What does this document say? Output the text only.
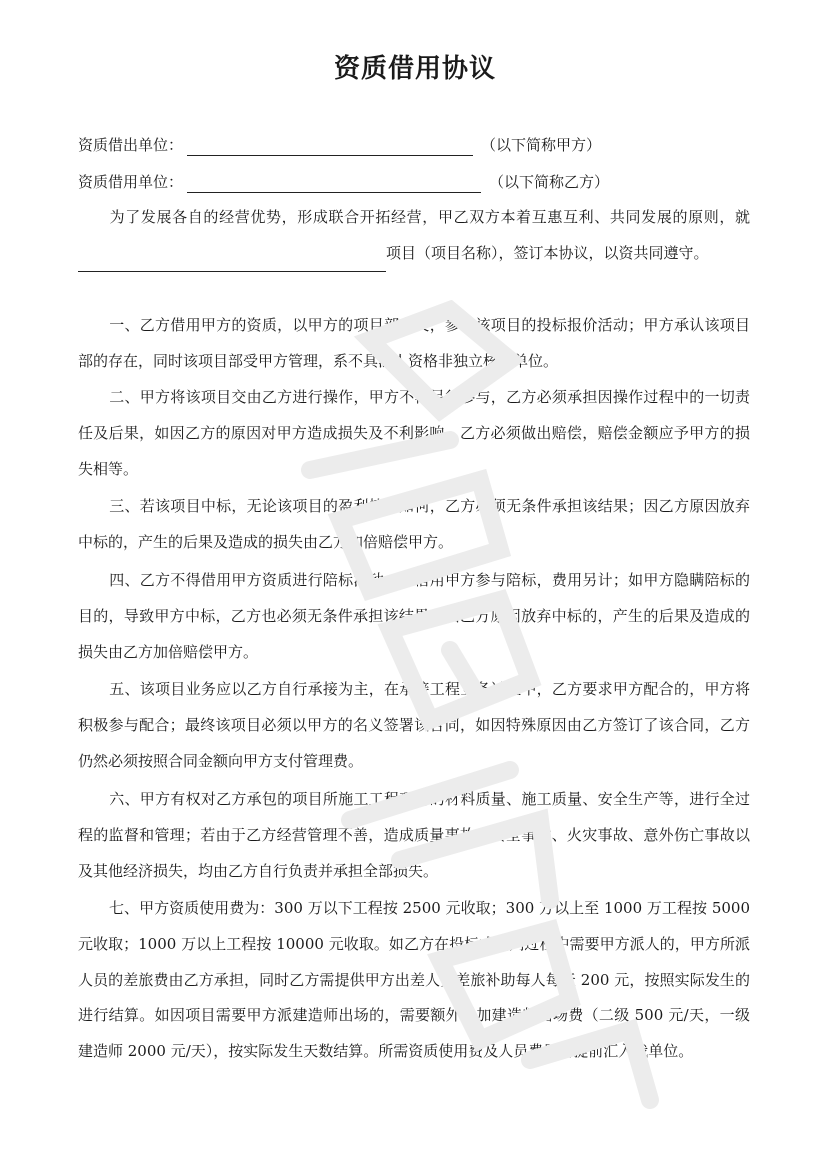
资质借用协议
资质借出单位：	（以下简称甲方）
资质借用单位：	（以下简称乙方）

为了发展各自的经营优势，形成联合开拓经营，甲乙双方本着互惠互利、共同发展的原则，就项目（项目名称），签订本协议，以资共同遵守。

一、乙方借用甲方的资质，以甲方的项目部名义，参与该项目的投标报价活动；甲方承认该项目部的存在，同时该项目部受甲方管理，系不具法人资格非独立核算单位。

二、甲方将该项目交由乙方进行操作，甲方不再另行参与，乙方必须承担因操作过程中的一切责任及后果，如因乙方的原因对甲方造成损失及不利影响，乙方必须做出赔偿，赔偿金额应予甲方的损失相等。

三、若该项目中标，无论该项目的盈利情况如何，乙方必须无条件承担该结果；因乙方原因放弃中标的，产生的后果及造成的损失由乙方加倍赔偿甲方。

四、乙方不得借用甲方资质进行陪标活动，如借用甲方参与陪标，费用另计；如甲方隐瞒陪标的目的，导致甲方中标，乙方也必须无条件承担该结果；因乙方原因放弃中标的，产生的后果及造成的损失由乙方加倍赔偿甲方。

五、该项目业务应以乙方自行承接为主，在承接工程业务过程中，乙方要求甲方配合的，甲方将积极参与配合；最终该项目必须以甲方的名义签署该合同，如因特殊原因由乙方签订了该合同，乙方仍然必须按照合同金额向甲方支付管理费。

六、甲方有权对乙方承包的项目所施工工程项目的材料质量、施工质量、安全生产等，进行全过程的监督和管理；若由于乙方经营管理不善，造成质量事故、安全事故、火灾事故、意外伤亡事故以及其他经济损失，均由乙方自行负责并承担全部损失。

七、甲方资质使用费为：300 万以下工程按 2500 元收取；300 万以上至 1000 万工程按 5000 元收取；1000 万以上工程按 10000 元收取。如乙方在投标或谈判过程中需要甲方派人的，甲方所派人员的差旅费由乙方承担，同时乙方需提供甲方出差人员差旅补助每人每天 200 元，按照实际发生的进行结算。如因项目需要甲方派建造师出场的，需要额外增加建造师出场费（二级 500 元/天，一级建造师 2000 元/天），按实际发生天数结算。所需资质使用费及人员费用需提前汇入我单位。
